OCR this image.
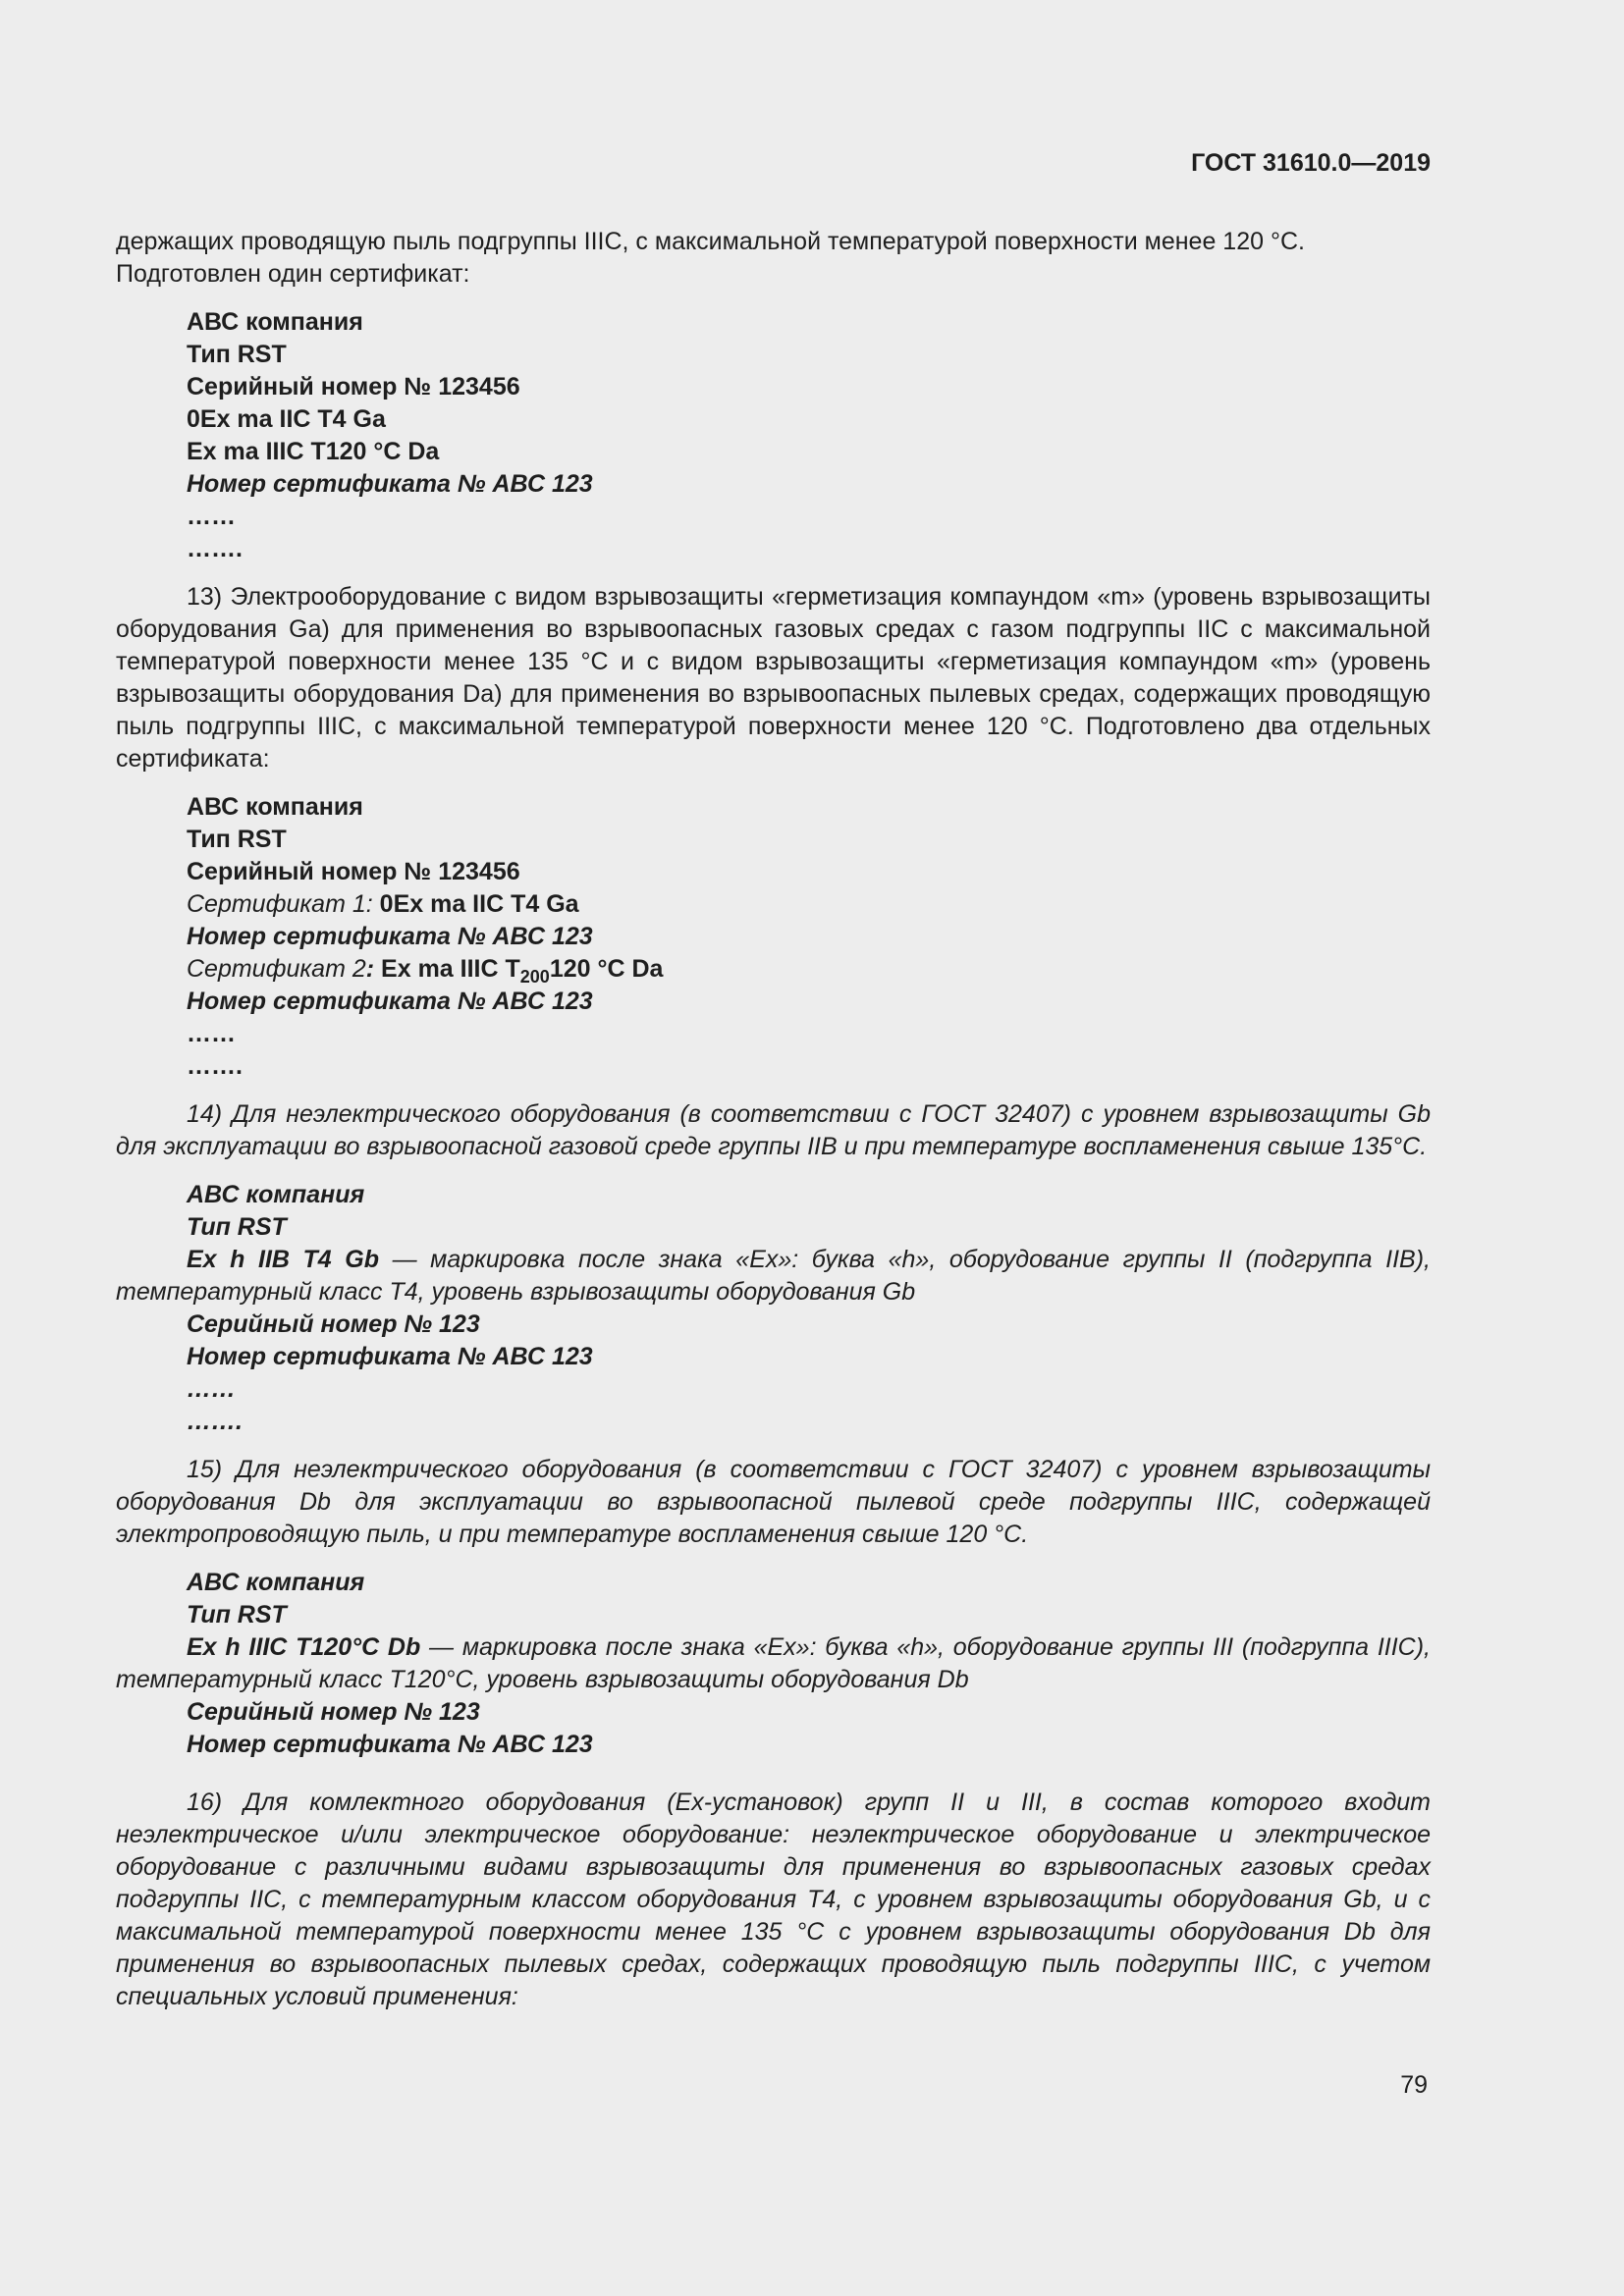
ГОСТ 31610.0—2019

держащих проводящую пыль подгруппы IIIС, с максимальной температурой поверхности менее 120 °С.

Подготовлен один сертификат:

АВС компания

Тип RST

Серийный номер № 123456

0Ex ma IIC T4 Ga

Ex ma IIIC T120 °C Da

Номер сертификата № АВС 123

……

…….

13) Электрооборудование с видом взрывозащиты «герметизация компаундом «m» (уровень взрывозащиты оборудования Ga) для применения во взрывоопасных газовых средах с газом подгруппы IIC с максимальной температурой поверхности менее 135 °С и с видом взрывозащиты «герметизация компаундом «m» (уровень взрывозащиты оборудования Da) для применения во взрывоопасных пылевых средах, содержащих проводящую пыль подгруппы IIIC, с максимальной температурой поверхности менее 120 °С. Подготовлено два отдельных сертификата:

АВС компания

Тип RST

Серийный номер № 123456

Сертификат 1: 0Ex ma IIC T4 Ga

Номер сертификата № АВС 123

Сертификат 2: Ex ma IIIC $T_{200}120$ °C Da

Номер сертификата № АВС 123

……

…….

14) Для неэлектрического оборудования (в соответствии с ГОСТ 32407) с уровнем взрывозащиты Gb для эксплуатации во взрывоопасной газовой среде группы IIB и при температуре воспламенения свыше 135°С.

АВС компания

Тип RST

Ex h IIB T4 Gb — маркировка после знака «Ех»: буква «h», оборудование группы II (подгруппа IIB), температурный класс Т4, уровень взрывозащиты оборудования Gb

Серийный номер № 123

Номер сертификата № АВС 123

……

…….

15) Для неэлектрического оборудования (в соответствии с ГОСТ 32407) с уровнем взрывозащиты оборудования Db для эксплуатации во взрывоопасной пылевой среде подгруппы IIIC, содержащей электропроводящую пыль, и при температуре воспламенения свыше 120 °С.

АВС компания

Тип RST

Ex h IIIC T120°C Db — маркировка после знака «Ех»: буква «h», оборудование группы III (подгруппа IIIC), температурный класс Т120°С, уровень взрывозащиты оборудования Db

Серийный номер № 123

Номер сертификата № АВС 123

16) Для комлектного оборудования (Ех-установок) групп II и III, в состав которого входит неэлектрическое и/или электрическое оборудование: неэлектрическое оборудование и электрическое оборудование с различными видами взрывозащиты для применения во взрывоопасных газовых средах подгруппы IIC, с температурным классом оборудования Т4, с уровнем взрывозащиты оборудования Gb, и с максимальной температурой поверхности менее 135 °С с уровнем взрывозащиты оборудования Db для применения во взрывоопасных пылевых средах, содержащих проводящую пыль подгруппы IIIC, с учетом специальных условий применения:

79
